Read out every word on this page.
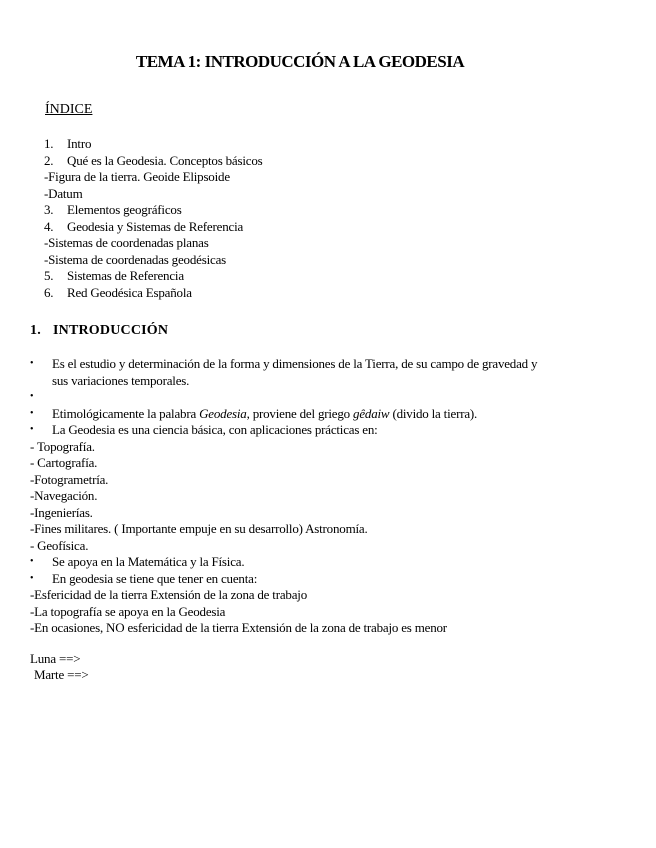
TEMA 1: INTRODUCCIÓN A LA GEODESIA
ÍNDICE
1. Intro
2. Qué es la Geodesia. Conceptos básicos
-Figura de la tierra. Geoide Elipsoide
-Datum
3. Elementos geográficos
4. Geodesia y Sistemas de Referencia
-Sistemas de coordenadas planas
-Sistema de coordenadas geodésicas
5. Sistemas de Referencia
6. Red Geodésica Española
1. INTRODUCCIÓN
•	Es el estudio y determinación de la forma y dimensiones de la Tierra, de su campo de gravedad y sus variaciones temporales.
•
•	Etimológicamente la palabra Geodesia, proviene del griego gêdaiw (divido la tierra).
•	La Geodesia es una ciencia básica, con aplicaciones prácticas en:
- Topografía.
- Cartografía.
-Fotogrametría.
-Navegación.
-Ingenierías.
-Fines militares. ( Importante empuje en su desarrollo) Astronomía.
- Geofísica.
•	Se apoya en la Matemática y la Física.
•	En geodesia se tiene que tener en cuenta:
-Esfericidad de la tierra Extensión de la zona de trabajo
-La topografía se apoya en la Geodesia
-En ocasiones, NO esfericidad de la tierra Extensión de la zona de trabajo es menor
Luna ==>
Marte ==>
